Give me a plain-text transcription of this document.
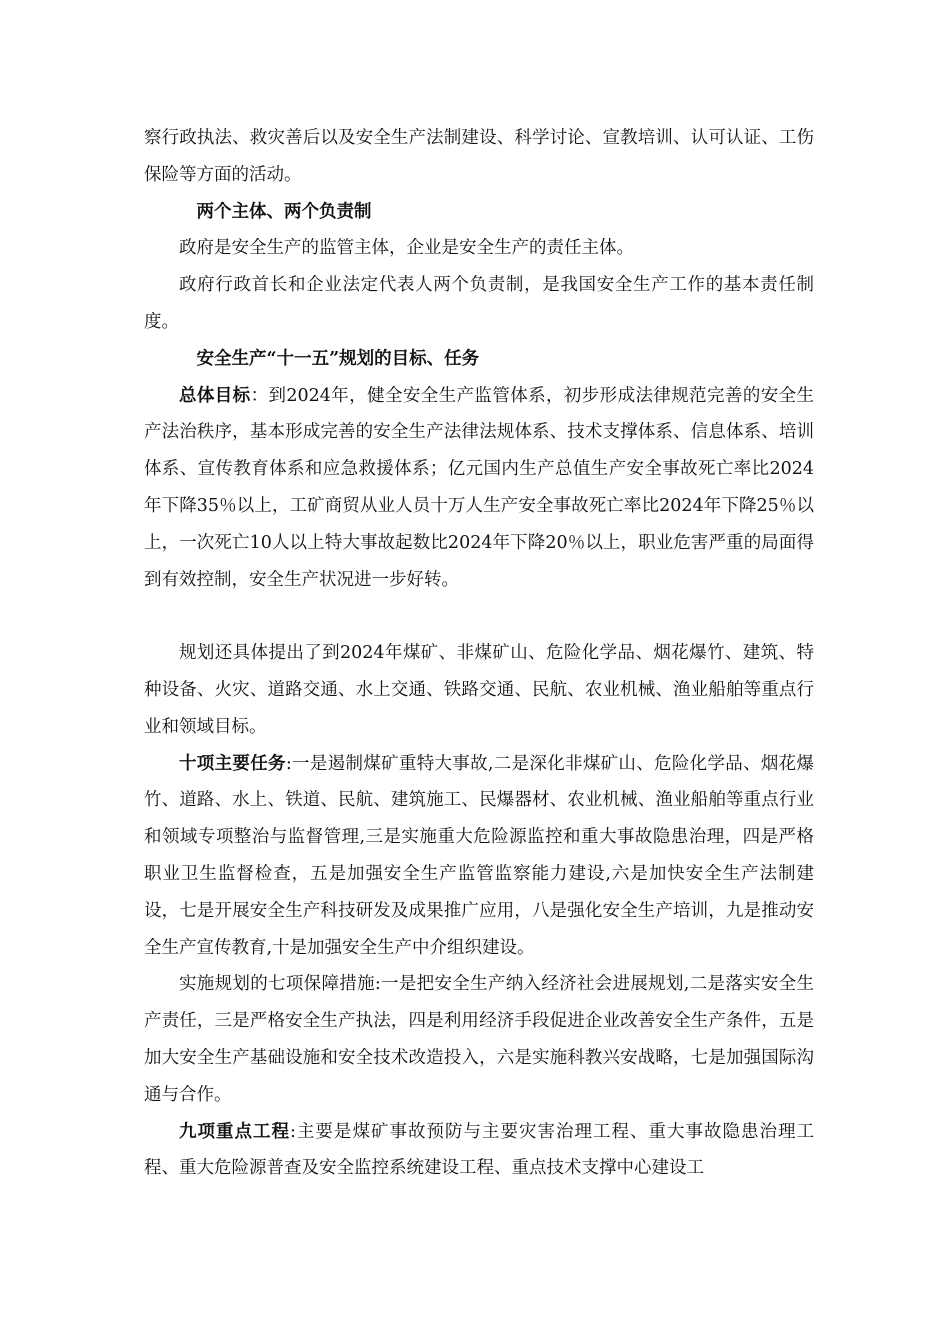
察行政执法、救灾善后以及安全生产法制建设、科学讨论、宣教培训、认可认证、工伤保险等方面的活动。

两个主体、两个负责制

政府是安全生产的监管主体，企业是安全生产的责任主体。

政府行政首长和企业法定代表人两个负责制，是我国安全生产工作的基本责任制度。

安全生产“十一五”规划的目标、任务

总体目标：到2024年，健全安全生产监管体系，初步形成法律规范完善的安全生产法治秩序，基本形成完善的安全生产法律法规体系、技术支撑体系、信息体系、培训体系、宣传教育体系和应急救援体系；亿元国内生产总值生产安全事故死亡率比2024年下降35％以上，工矿商贸从业人员十万人生产安全事故死亡率比2024年下降25％以上，一次死亡10人以上特大事故起数比2024年下降20％以上，职业危害严重的局面得到有效控制，安全生产状况进一步好转。

规划还具体提出了到2024年煤矿、非煤矿山、危险化学品、烟花爆竹、建筑、特种设备、火灾、道路交通、水上交通、铁路交通、民航、农业机械、渔业船舶等重点行业和领域目标。

十项主要任务:一是遏制煤矿重特大事故,二是深化非煤矿山、危险化学品、烟花爆竹、道路、水上、铁道、民航、建筑施工、民爆器材、农业机械、渔业船舶等重点行业和领域专项整治与监督管理,三是实施重大危险源监控和重大事故隐患治理，四是严格职业卫生监督检查，五是加强安全生产监管监察能力建设,六是加快安全生产法制建设，七是开展安全生产科技研发及成果推广应用，八是强化安全生产培训，九是推动安全生产宣传教育,十是加强安全生产中介组织建设。

实施规划的七项保障措施:一是把安全生产纳入经济社会进展规划,二是落实安全生产责任，三是严格安全生产执法，四是利用经济手段促进企业改善安全生产条件，五是加大安全生产基础设施和安全技术改造投入，六是实施科教兴安战略，七是加强国际沟通与合作。

九项重点工程:主要是煤矿事故预防与主要灾害治理工程、重大事故隐患治理工程、重大危险源普查及安全监控系统建设工程、重点技术支撑中心建设工
